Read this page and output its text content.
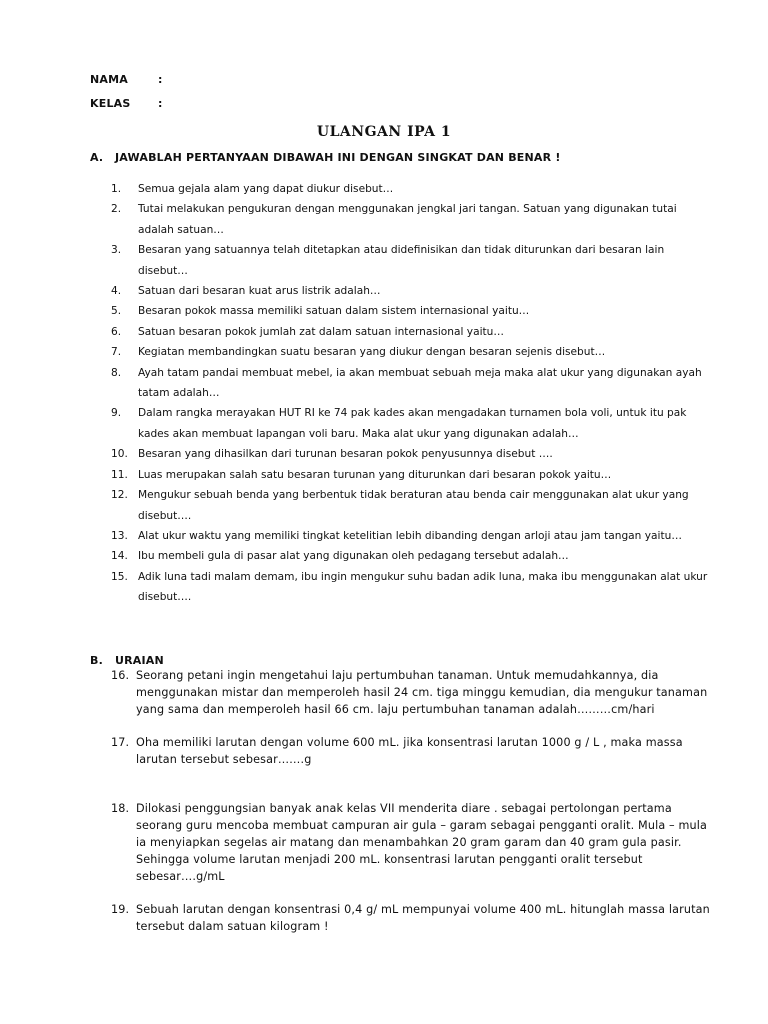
NAMA	:
KELAS	:
ULANGAN IPA 1
A. JAWABLAH PERTANYAAN DIBAWAH INI DENGAN SINGKAT DAN BENAR !
1. Semua gejala alam yang dapat diukur disebut…
2. Tutai melakukan pengukuran dengan menggunakan jengkal jari tangan. Satuan yang digunakan tutai adalah satuan…
3. Besaran yang satuannya telah ditetapkan atau didefinisikan dan tidak diturunkan dari besaran lain disebut…
4. Satuan dari besaran kuat arus listrik adalah…
5. Besaran pokok massa memiliki satuan dalam sistem internasional yaitu…
6. Satuan besaran pokok jumlah zat dalam satuan internasional yaitu…
7. Kegiatan membandingkan suatu besaran yang diukur dengan besaran sejenis disebut…
8. Ayah tatam pandai membuat mebel, ia akan membuat sebuah meja maka alat ukur yang digunakan ayah tatam adalah…
9. Dalam rangka merayakan HUT RI ke 74 pak kades akan mengadakan turnamen bola voli, untuk itu pak kades akan membuat lapangan voli baru. Maka alat ukur yang digunakan adalah…
10. Besaran yang dihasilkan dari turunan besaran pokok penyusunnya disebut ….
11. Luas merupakan salah satu besaran turunan yang diturunkan dari besaran pokok yaitu…
12. Mengukur sebuah benda yang berbentuk tidak beraturan atau benda cair menggunakan alat ukur yang disebut….
13. Alat ukur waktu yang memiliki tingkat ketelitian lebih dibanding dengan arloji atau jam tangan yaitu…
14. Ibu membeli gula di pasar alat yang digunakan oleh pedagang tersebut adalah…
15. Adik luna tadi malam demam, ibu ingin mengukur suhu badan adik luna, maka ibu menggunakan alat ukur disebut….
B. URAIAN
16. Seorang petani ingin mengetahui laju pertumbuhan tanaman. Untuk memudahkannya, dia menggunakan mistar dan memperoleh hasil 24 cm. tiga minggu kemudian, dia mengukur tanaman yang sama dan memperoleh hasil 66 cm. laju pertumbuhan tanaman adalah………cm/hari
17. Oha memiliki larutan dengan volume 600 mL. jika konsentrasi larutan 1000 g / L , maka massa larutan tersebut sebesar…….g
18. Dilokasi penggungsian banyak anak kelas VII menderita diare . sebagai pertolongan pertama seorang guru mencoba membuat campuran air gula – garam sebagai pengganti oralit. Mula – mula ia menyiapkan segelas air matang dan menambahkan 20 gram garam dan 40 gram gula pasir. Sehingga volume larutan menjadi 200 mL. konsentrasi larutan pengganti oralit tersebut sebesar….g/mL
19. Sebuah larutan dengan konsentrasi 0,4 g/ mL mempunyai volume 400 mL. hitunglah massa larutan tersebut dalam satuan kilogram !
